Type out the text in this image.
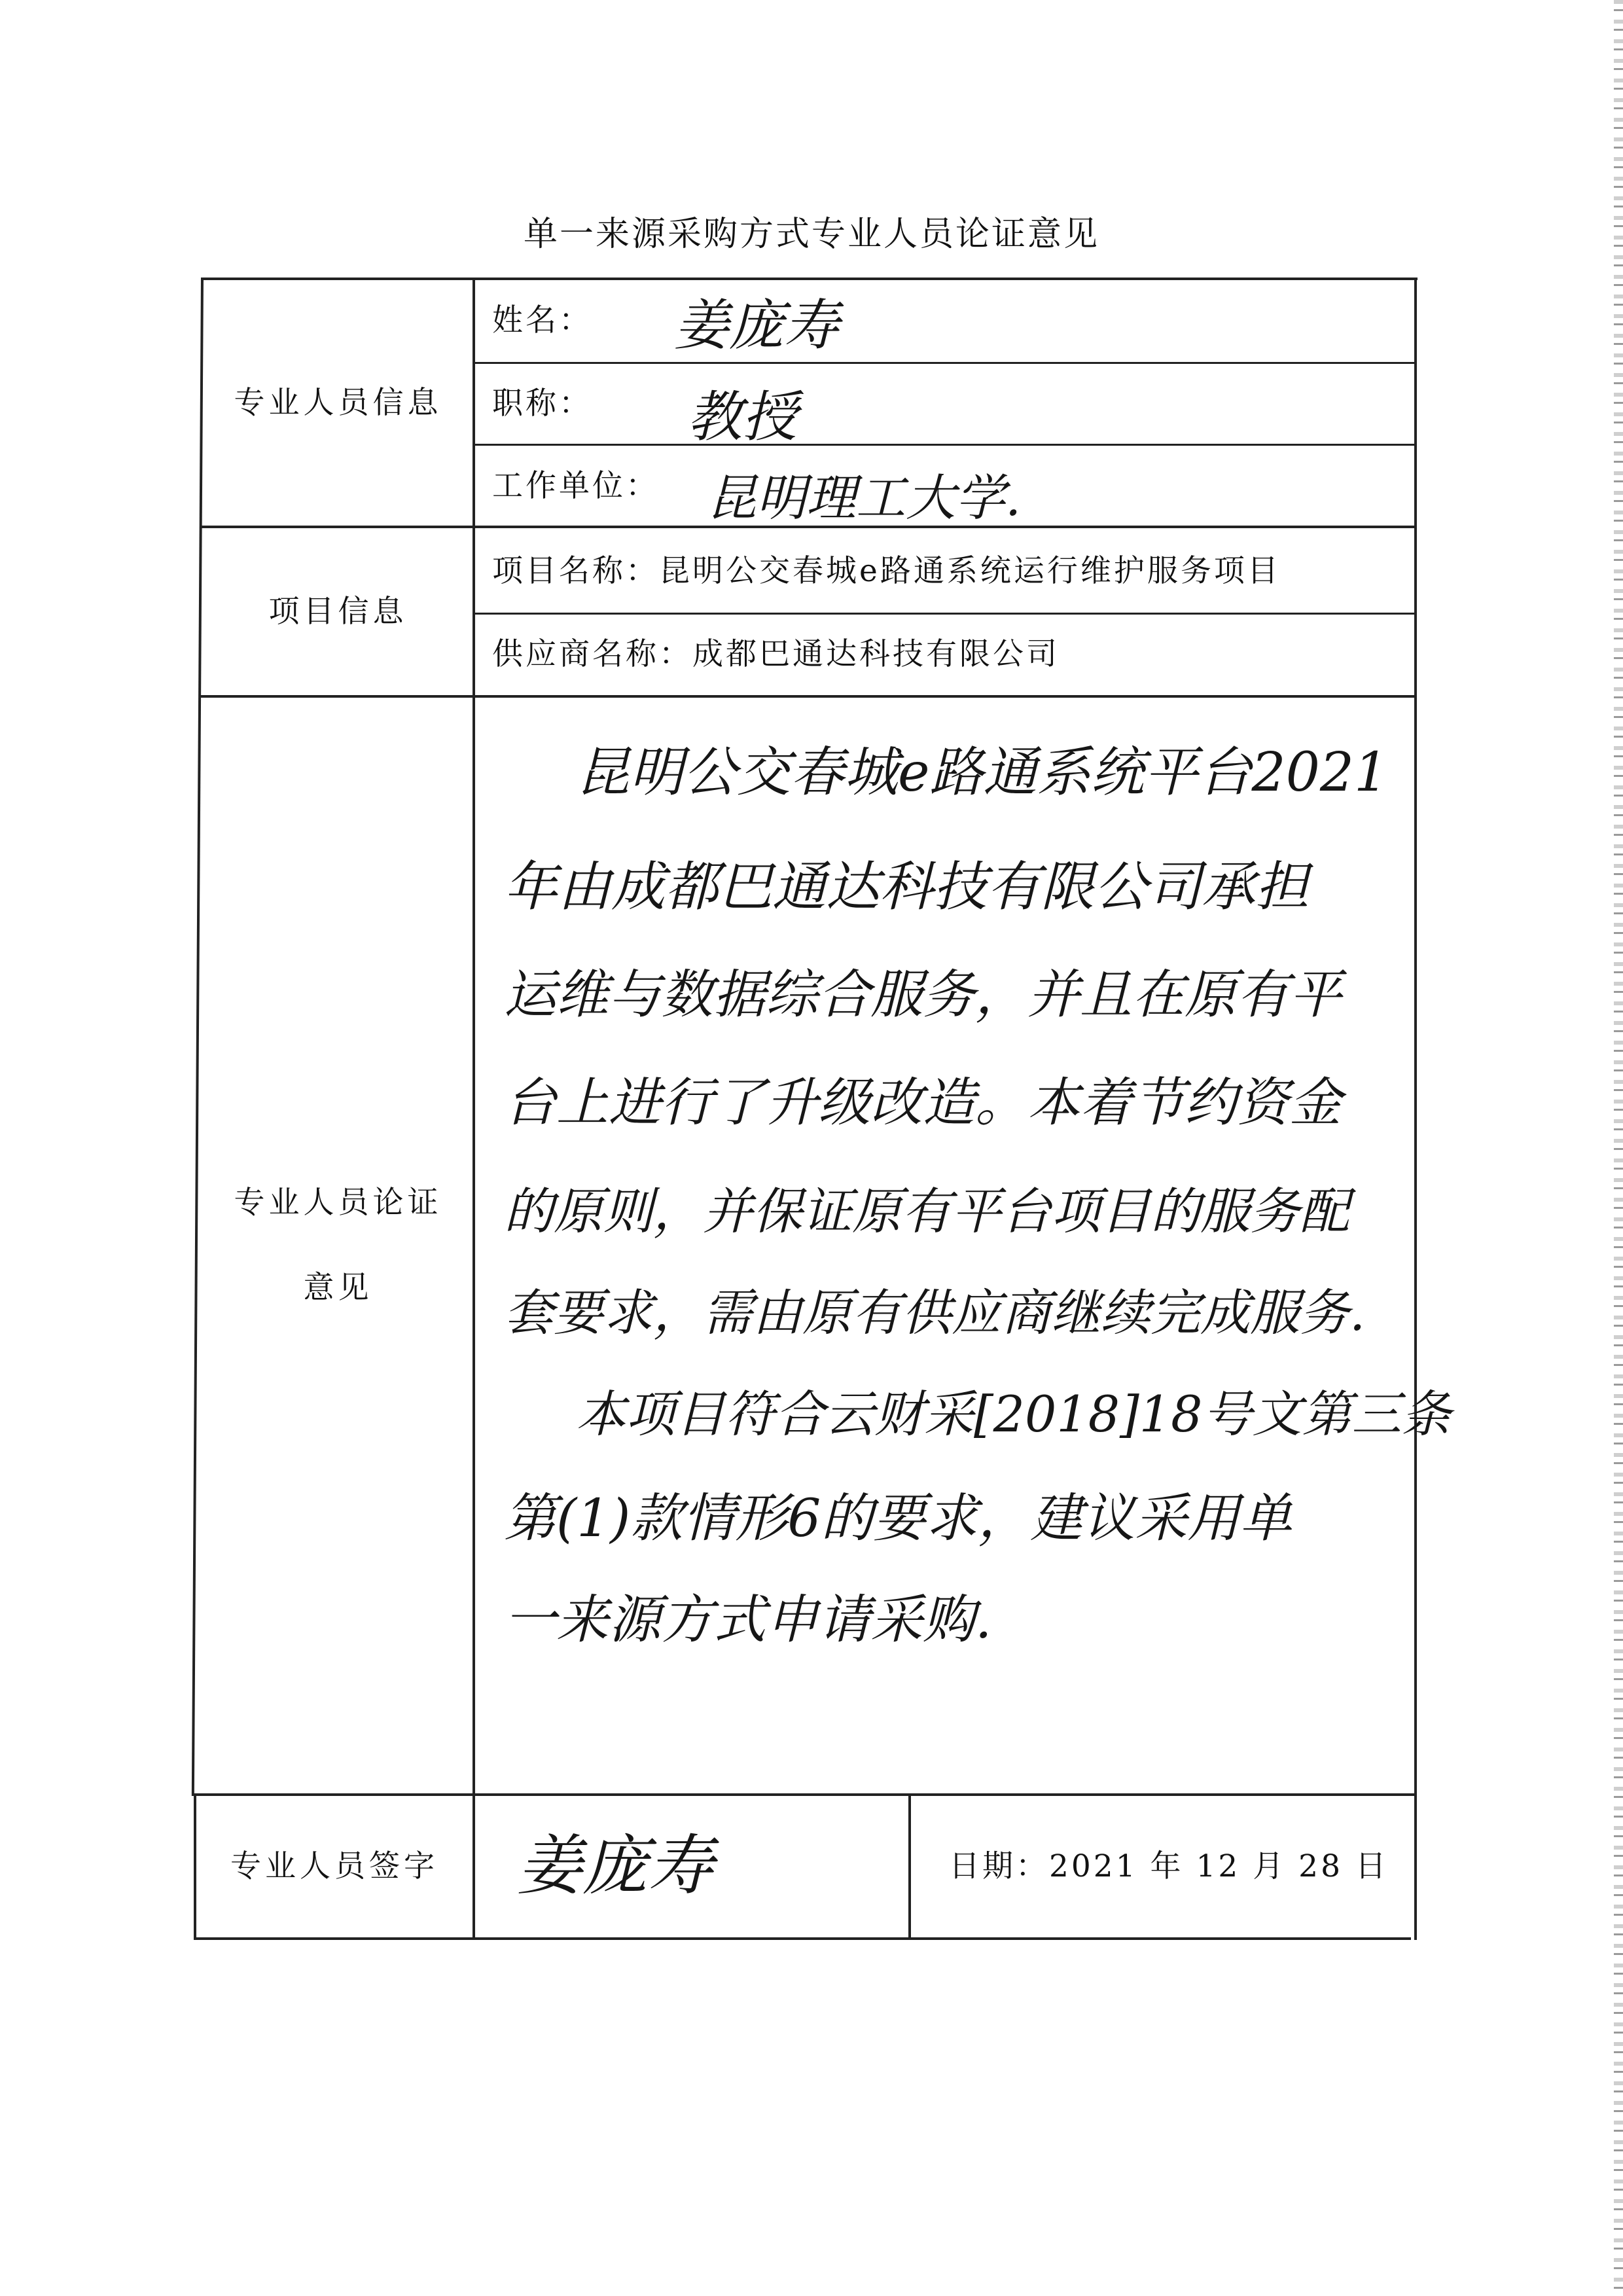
单一来源采购方式专业人员论证意见
专业人员信息
姓名： 姜庞寿
职称： 教授
工作单位： 昆明理工大学.
项目信息
项目名称：昆明公交春城e路通系统运行维护服务项目
供应商名称：成都巴通达科技有限公司
专业人员论证
意见
昆明公交春城e路通系统平台2021
年由成都巴通达科技有限公司承担
运维与数据综合服务，并且在原有平
台上进行了升级改造。本着节约资金
的原则，并保证原有平台项目的服务配
套要求，需由原有供应商继续完成服务.
本项目符合云财采[2018]18号文第三条
第(1)款情形6的要求，建议采用单
一来源方式申请采购.
专业人员签字	姜庞寿	日期：2021 年 12 月 28 日
